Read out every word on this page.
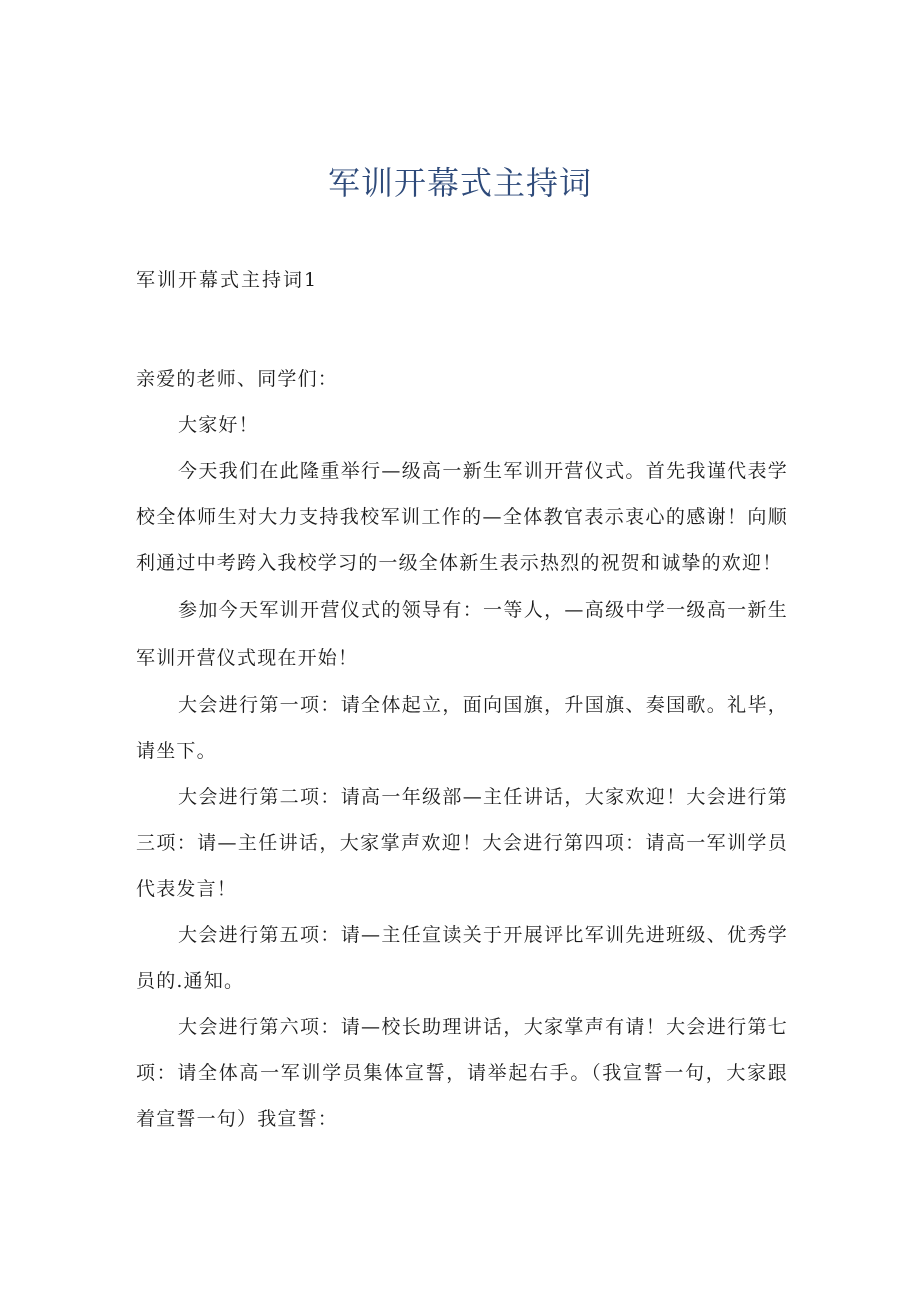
军训开幕式主持词

军训开幕式主持词1

亲爱的老师、同学们：

大家好！

今天我们在此隆重举行—级高一新生军训开营仪式。首先我谨代表学校全体师生对大力支持我校军训工作的—全体教官表示衷心的感谢！向顺利通过中考跨入我校学习的一级全体新生表示热烈的祝贺和诚挚的欢迎！

参加今天军训开营仪式的领导有：一等人，—高级中学一级高一新生军训开营仪式现在开始！

大会进行第一项：请全体起立，面向国旗，升国旗、奏国歌。礼毕，请坐下。

大会进行第二项：请高一年级部—主任讲话，大家欢迎！大会进行第三项：请—主任讲话，大家掌声欢迎！大会进行第四项：请高一军训学员代表发言！

大会进行第五项：请—主任宣读关于开展评比军训先进班级、优秀学员的.通知。

大会进行第六项：请—校长助理讲话，大家掌声有请！大会进行第七项：请全体高一军训学员集体宣誓，请举起右手。（我宣誓一句，大家跟着宣誓一句）我宣誓：
